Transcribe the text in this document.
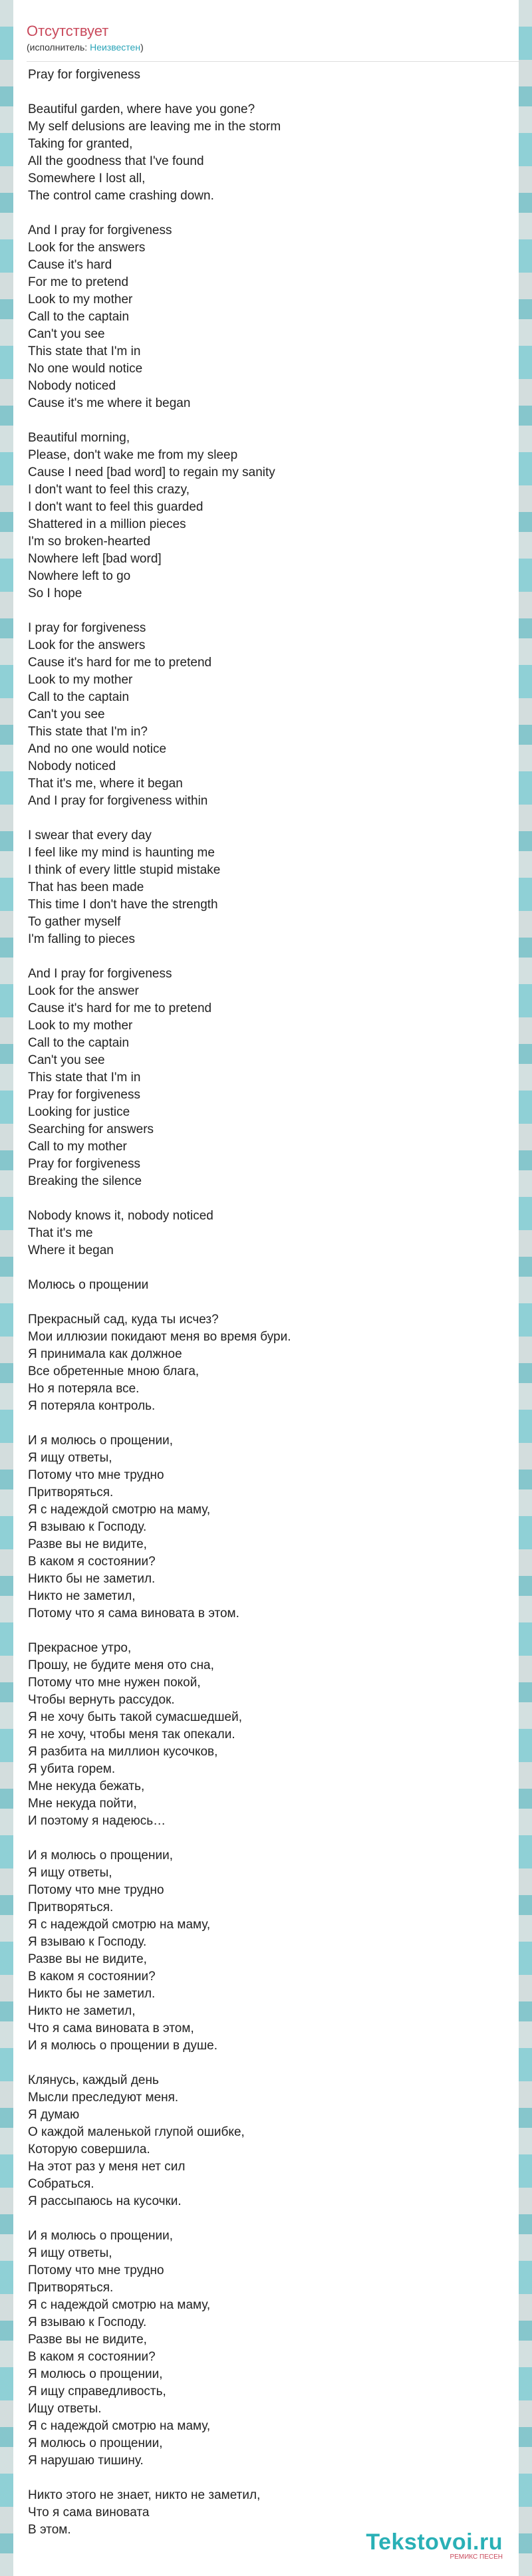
Отсутствует
(исполнитель: Неизвестен)
Pray for forgiveness

Beautiful garden, where have you gone?
My self delusions are leaving me in the storm
Taking for granted,
All the goodness that I've found
Somewhere I lost all,
The control came crashing down.

And I pray for forgiveness
Look for the answers
Cause it's hard
For me to pretend
Look to my mother
Call to the captain
Can't you see
This state that I'm in
No one would notice
Nobody noticed
Cause it's me where it began

Beautiful morning,
Please, don't wake me from my sleep
Cause I need [bad word] to regain my sanity
I don't want to feel this crazy,
I don't want to feel this guarded
Shattered in a million pieces
I'm so broken-hearted
Nowhere left [bad word]
Nowhere left to go
So I hope

I pray for forgiveness
Look for the answers
Cause it's hard for me to pretend
Look to my mother
Call to the captain
Can't you see
This state that I'm in?
And no one would notice
Nobody noticed
That it's me, where it began
And I pray for forgiveness within

I swear that every day
I feel like my mind is haunting me
I think of every little stupid mistake
That has been made
This time I don't have the strength
To gather myself
I'm falling to pieces

And I pray for forgiveness
Look for the answer
Cause it's hard for me to pretend
Look to my mother
Call to the captain
Can't you see
This state that I'm in
Pray for forgiveness
Looking for justice
Searching for answers
Call to my mother
Pray for forgiveness
Breaking the silence

Nobody knows it, nobody noticed
That it's me
Where it began

Молюсь о прощении

Прекрасный сад, куда ты исчез?
Мои иллюзии покидают меня во время бури.
Я принимала как должное
Все обретенные мною блага,
Но я потеряла все.
Я потеряла контроль.

И я молюсь о прощении,
Я ищу ответы,
Потому что мне трудно
Притворяться.
Я с надеждой смотрю на маму,
Я взываю к Господу.
Разве вы не видите,
В каком я состоянии?
Никто бы не заметил.
Никто не заметил,
Потому что я сама виновата в этом.

Прекрасное утро,
Прошу, не будите меня ото сна,
Потому что мне нужен покой,
Чтобы вернуть рассудок.
Я не хочу быть такой сумасшедшей,
Я не хочу, чтобы меня так опекали.
Я разбита на миллион кусочков,
Я убита горем.
Мне некуда бежать,
Мне некуда пойти,
И поэтому я надеюсь…

И я молюсь о прощении,
Я ищу ответы,
Потому что мне трудно
Притворяться.
Я с надеждой смотрю на маму,
Я взываю к Господу.
Разве вы не видите,
В каком я состоянии?
Никто бы не заметил.
Никто не заметил,
Что я сама виновата в этом,
И я молюсь о прощении в душе.

Клянусь, каждый день
Мысли преследуют меня.
Я думаю
О каждой маленькой глупой ошибке,
Которую совершила.
На этот раз у меня нет сил
Собраться.
Я рассыпаюсь на кусочки.

И я молюсь о прощении,
Я ищу ответы,
Потому что мне трудно
Притворяться.
Я с надеждой смотрю на маму,
Я взываю к Господу.
Разве вы не видите,
В каком я состоянии?
Я молюсь о прощении,
Я ищу справедливость,
Ищу ответы.
Я с надеждой смотрю на маму,
Я молюсь о прощении,
Я нарушаю тишину.

Никто этого не знает, никто не заметил,
Что я сама виновата
В этом.	Tekstovoi.ru
РЕМИКС ПЕСЕН
